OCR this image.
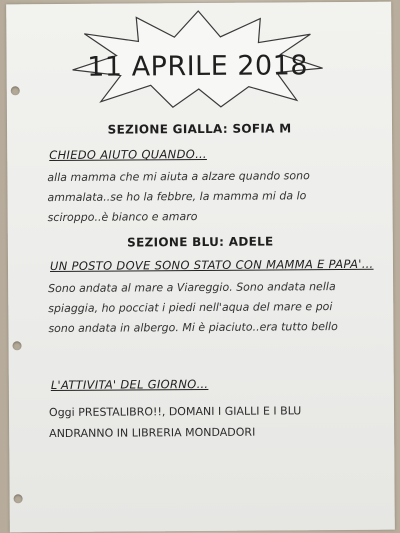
11 APRILE 2018
SEZIONE GIALLA: SOFIA M
CHIEDO AIUTO QUANDO…
alla mamma che mi aiuta a alzare quando sono
ammalata..se ho la febbre, la mamma mi da lo
sciroppo..è bianco e amaro
SEZIONE BLU: ADELE
UN POSTO DOVE SONO STATO CON MAMMA E PAPA'…
Sono andata al mare a Viareggio. Sono andata nella
spiaggia, ho pocciat i piedi nell'aqua del mare e poi
sono andata in albergo. Mi è piaciuto..era tutto bello
L'ATTIVITA' DEL GIORNO…
Oggi PRESTALIBRO!!, DOMANI I GIALLI E I BLU
ANDRANNO IN LIBRERIA MONDADORI
